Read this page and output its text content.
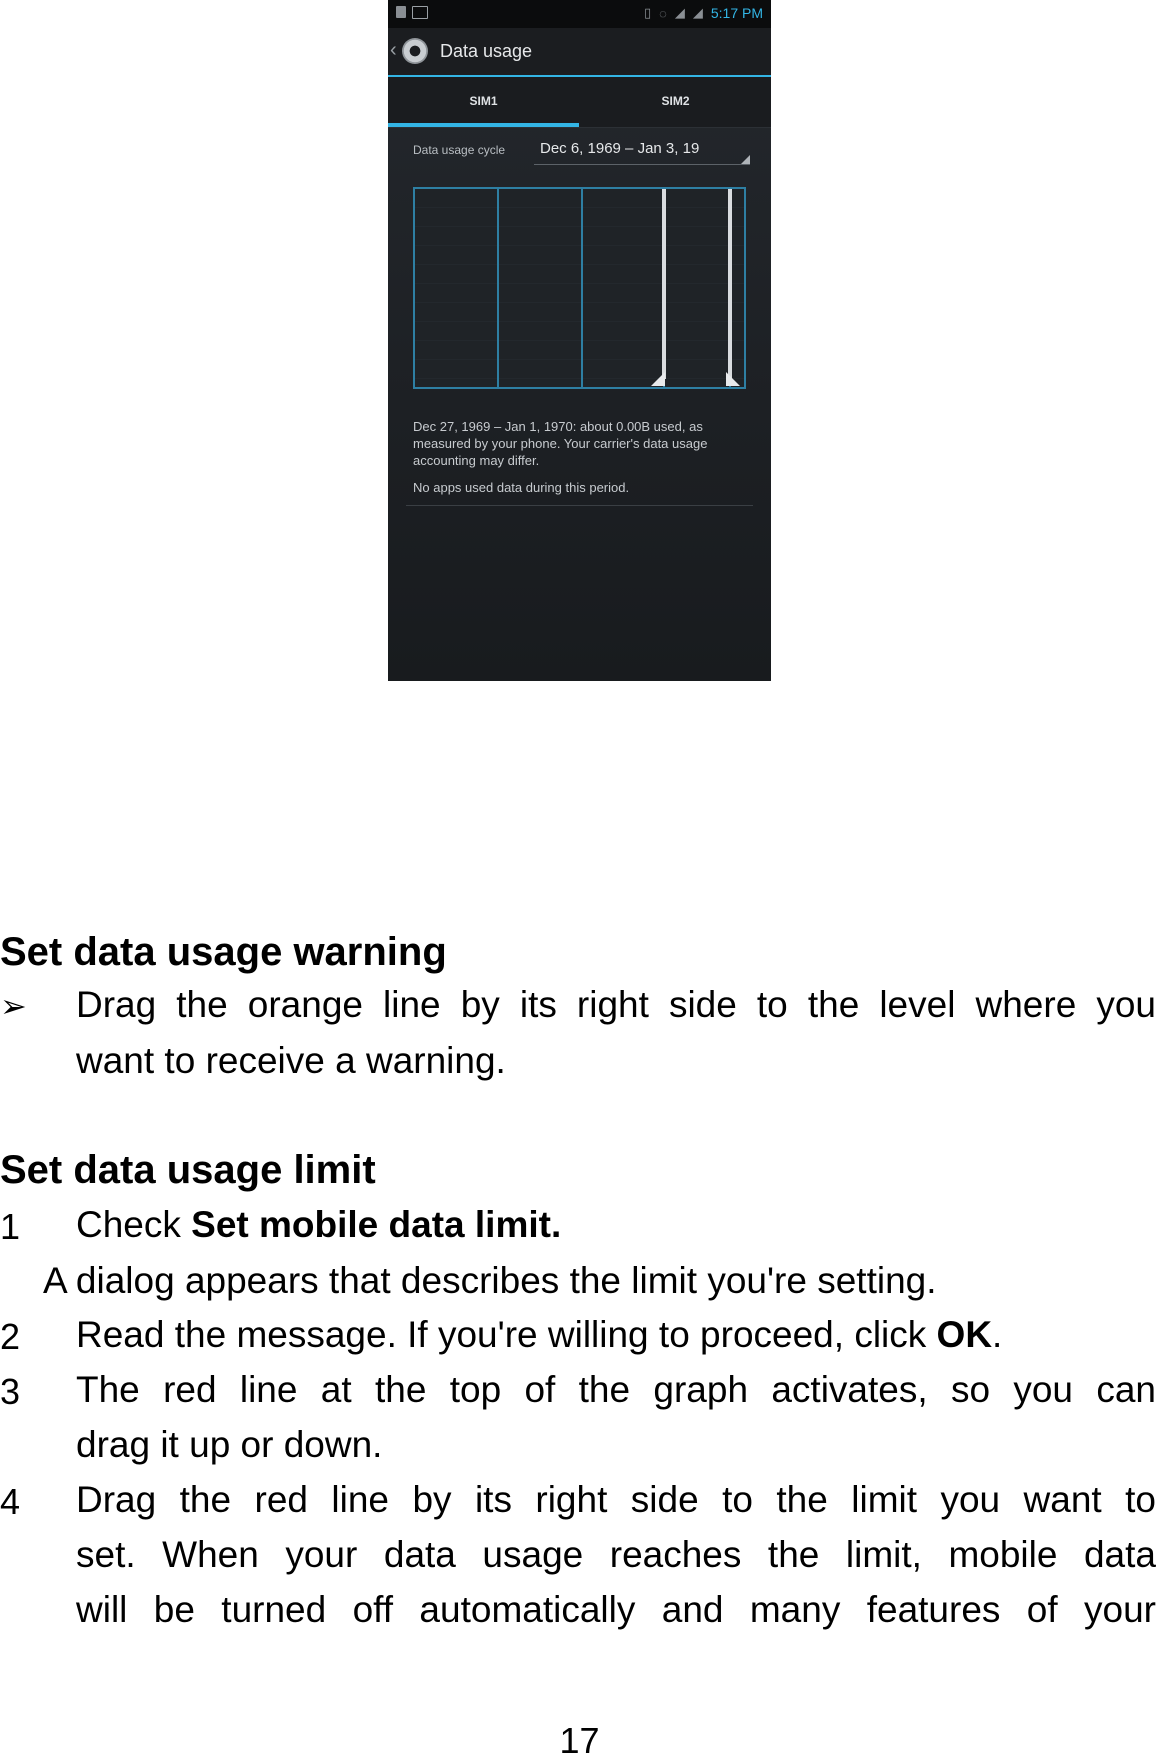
▯ ◌ ◢ ◢ 5:17 PM
‹ Data usage
SIM1	SIM2
Data usage cycle Dec 6, 1969 – Jan 3, 19
Dec 27, 1969 – Jan 1, 1970: about 0.00B used, as measured by your phone. Your carrier's data usage accounting may differ.
No apps used data during this period.
Set data usage warning
➢ Drag the orange line by its right side to the level where you
want to receive a warning.
Set data usage limit
1 Check Set mobile data limit.
A dialog appears that describes the limit you're setting.
2 Read the message. If you're willing to proceed, click OK.
3 The red line at the top of the graph activates, so you can
drag it up or down.
4 Drag the red line by its right side to the limit you want to
set. When your data usage reaches the limit, mobile data
will be turned off automatically and many features of your
17
